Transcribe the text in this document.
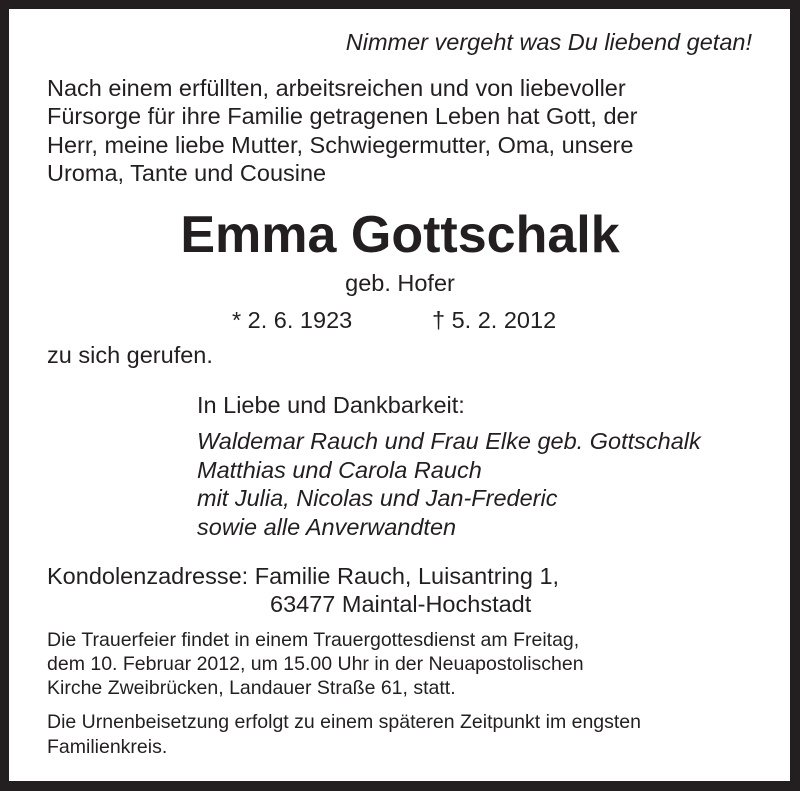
Nimmer vergeht was Du liebend getan!
Nach einem erfüllten, arbeitsreichen und von liebevoller
Fürsorge für ihre Familie getragenen Leben hat Gott, der
Herr, meine liebe Mutter, Schwiegermutter, Oma, unsere
Uroma, Tante und Cousine
Emma Gottschalk
geb. Hofer
* 2. 6. 1923	† 5. 2. 2012
zu sich gerufen.
In Liebe und Dankbarkeit:
Waldemar Rauch und Frau Elke geb. Gottschalk
Matthias und Carola Rauch
mit Julia, Nicolas und Jan-Frederic
sowie alle Anverwandten
Kondolenzadresse: Familie Rauch, Luisantring 1,
63477 Maintal-Hochstadt
Die Trauerfeier findet in einem Trauergottesdienst am Freitag,
dem 10. Februar 2012, um 15.00 Uhr in der Neuapostolischen
Kirche Zweibrücken, Landauer Straße 61, statt.
Die Urnenbeisetzung erfolgt zu einem späteren Zeitpunkt im engsten
Familienkreis.
